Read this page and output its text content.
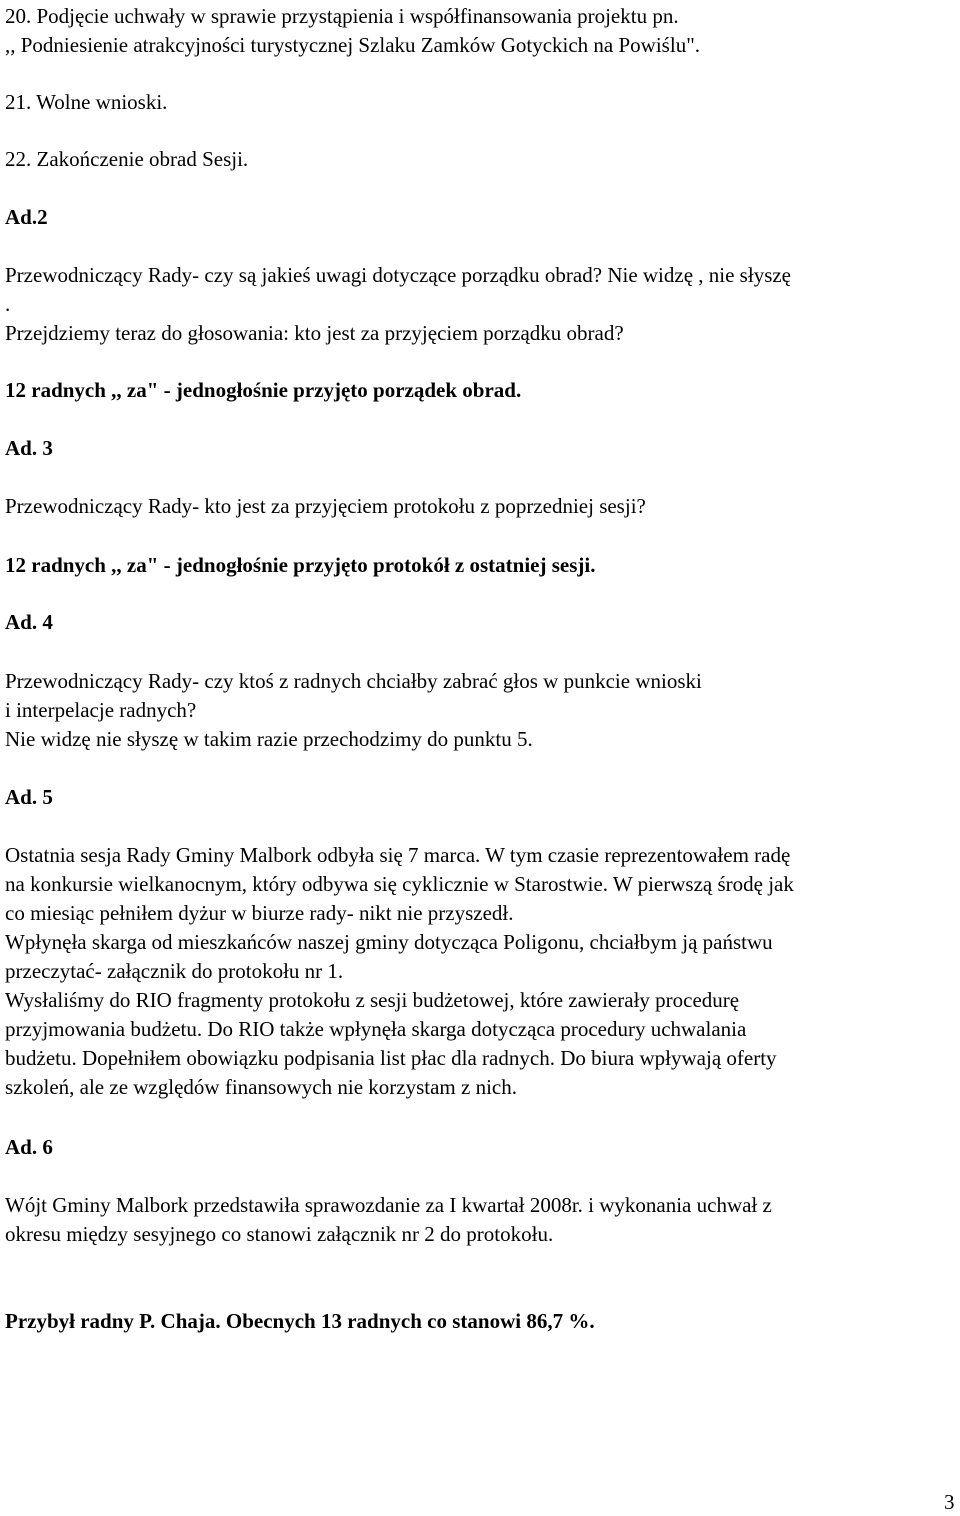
20. Podjęcie uchwały w sprawie przystąpienia i współfinansowania projektu pn.
,, Podniesienie atrakcyjności turystycznej Szlaku Zamków Gotyckich na Powiślu".
21. Wolne wnioski.
22. Zakończenie obrad Sesji.
Ad.2
Przewodniczący Rady- czy są jakieś uwagi dotyczące porządku obrad? Nie widzę , nie słyszę
.
Przejdziemy teraz do głosowania: kto jest za przyjęciem porządku obrad?
12 radnych ,, za" - jednogłośnie przyjęto porządek obrad.
Ad. 3
Przewodniczący Rady- kto jest za przyjęciem protokołu z poprzedniej sesji?
12 radnych ,, za" - jednogłośnie przyjęto protokół z ostatniej sesji.
Ad. 4
Przewodniczący Rady- czy ktoś z radnych chciałby zabrać głos w punkcie wnioski
i interpelacje radnych?
Nie widzę nie słyszę w takim razie przechodzimy do punktu 5.
Ad. 5
Ostatnia sesja Rady Gminy Malbork odbyła się 7 marca. W tym czasie reprezentowałem radę
na konkursie wielkanocnym, który odbywa się cyklicznie w Starostwie. W pierwszą środę jak
co miesiąc pełniłem dyżur w biurze rady- nikt nie przyszedł.
Wpłynęła skarga od mieszkańców naszej gminy dotycząca Poligonu, chciałbym ją państwu
przeczytać- załącznik do protokołu nr 1.
Wysłaliśmy do RIO fragmenty protokołu z sesji budżetowej, które zawierały procedurę
przyjmowania budżetu. Do RIO także wpłynęła skarga dotycząca procedury uchwalania
budżetu. Dopełniłem obowiązku podpisania list płac dla radnych. Do biura wpływają oferty
szkoleń, ale ze względów finansowych nie korzystam z nich.
Ad. 6
Wójt Gminy Malbork przedstawiła sprawozdanie za I kwartał 2008r. i wykonania uchwał z
okresu między sesyjnego co stanowi załącznik nr 2 do protokołu.
Przybył radny P. Chaja. Obecnych 13 radnych co stanowi 86,7 %.
3
